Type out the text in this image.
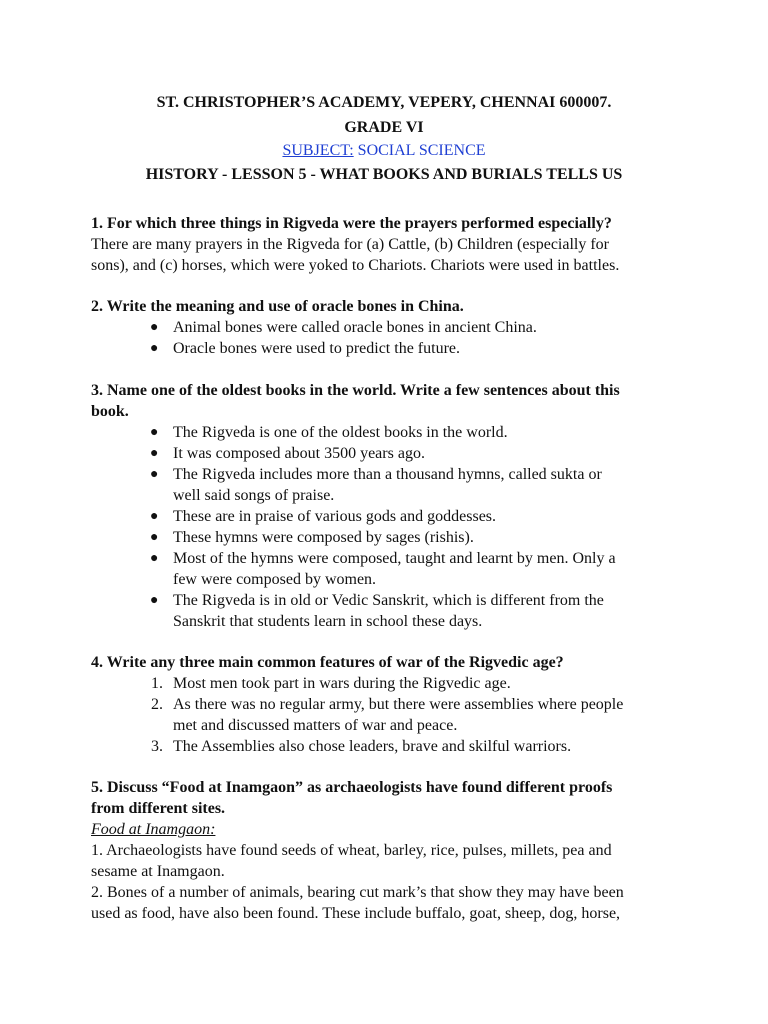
ST. CHRISTOPHER’S ACADEMY, VEPERY, CHENNAI 600007.
GRADE VI
SUBJECT: SOCIAL SCIENCE
HISTORY - LESSON 5 - WHAT BOOKS AND BURIALS TELLS US
1. For which three things in Rigveda were the prayers performed especially?
There are many prayers in the Rigveda for (a) Cattle, (b) Children (especially for
sons), and (c) horses, which were yoked to Chariots. Chariots were used in battles.
2. Write the meaning and use of oracle bones in China.
● Animal bones were called oracle bones in ancient China.
● Oracle bones were used to predict the future.
3. Name one of the oldest books in the world. Write a few sentences about this
book.
● The Rigveda is one of the oldest books in the world.
● It was composed about 3500 years ago.
● The Rigveda includes more than a thousand hymns, called sukta or
well said songs of praise.
● These are in praise of various gods and goddesses.
● These hymns were composed by sages (rishis).
● Most of the hymns were composed, taught and learnt by men. Only a
few were composed by women.
● The Rigveda is in old or Vedic Sanskrit, which is different from the
Sanskrit that students learn in school these days.
4. Write any three main common features of war of the Rigvedic age?
1. Most men took part in wars during the Rigvedic age.
2. As there was no regular army, but there were assemblies where people
met and discussed matters of war and peace.
3. The Assemblies also chose leaders, brave and skilful warriors.
5. Discuss “Food at Inamgaon” as archaeologists have found different proofs
from different sites.
Food at Inamgaon:
1. Archaeologists have found seeds of wheat, barley, rice, pulses, millets, pea and
sesame at Inamgaon.
2. Bones of a number of animals, bearing cut mark’s that show they may have been
used as food, have also been found. These include buffalo, goat, sheep, dog, horse,
